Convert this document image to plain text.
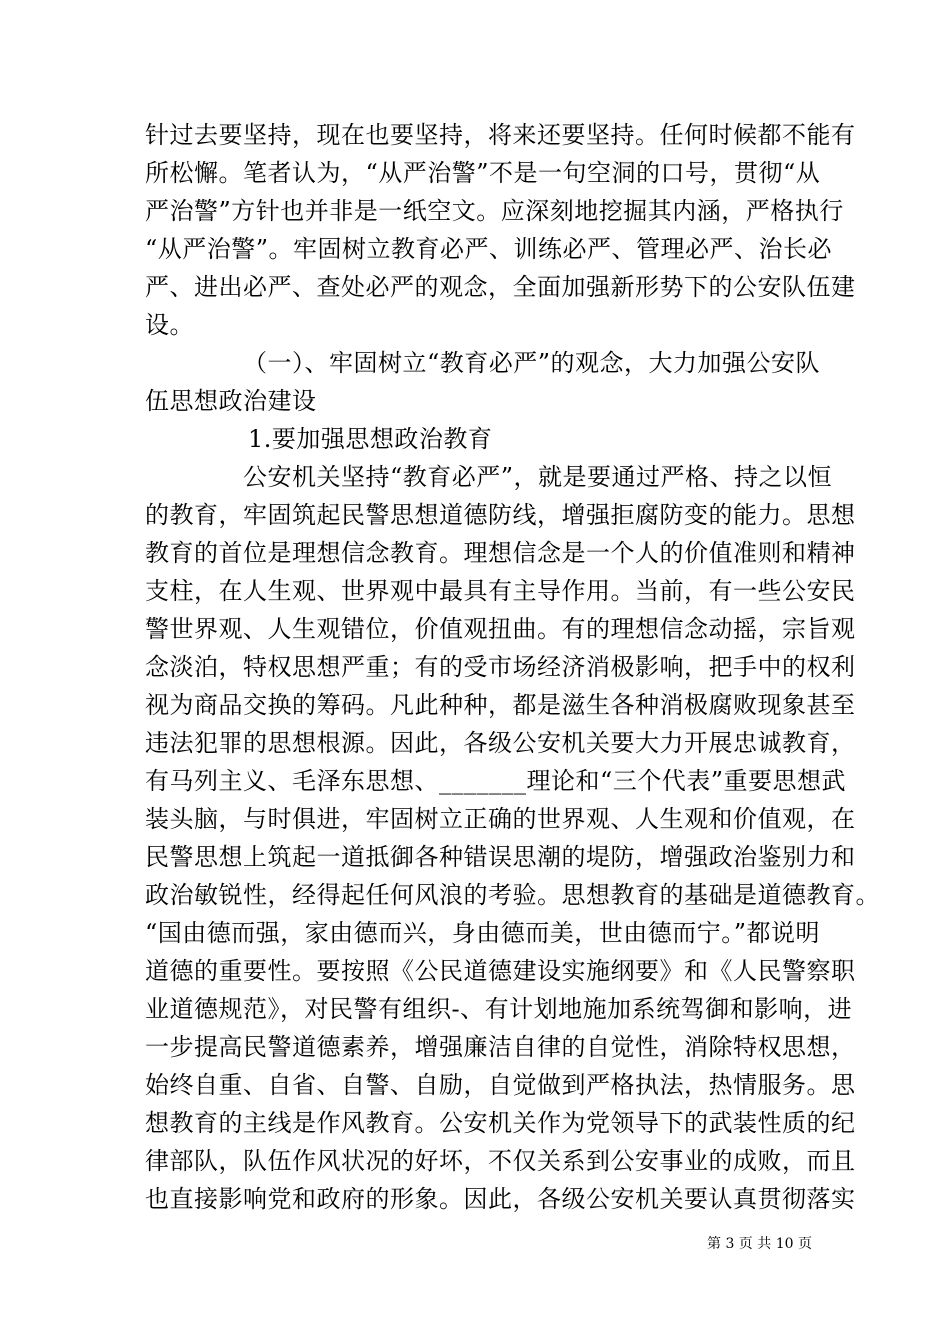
针过去要坚持，现在也要坚持，将来还要坚持。任何时候都不能有
所松懈。笔者认为，“从严治警”不是一句空洞的口号，贯彻“从
严治警”方针也并非是一纸空文。应深刻地挖掘其内涵，严格执行
“从严治警”。牢固树立教育必严、训练必严、管理必严、治长必
严、进出必严、查处必严的观念，全面加强新形势下的公安队伍建
设。
（一）、牢固树立“教育必严”的观念，大力加强公安队
伍思想政治建设
1.要加强思想政治教育
公安机关坚持“教育必严”，就是要通过严格、持之以恒
的教育，牢固筑起民警思想道德防线，增强拒腐防变的能力。思想
教育的首位是理想信念教育。理想信念是一个人的价值准则和精神
支柱，在人生观、世界观中最具有主导作用。当前，有一些公安民
警世界观、人生观错位，价值观扭曲。有的理想信念动摇，宗旨观
念淡泊，特权思想严重；有的受市场经济消极影响，把手中的权利
视为商品交换的筹码。凡此种种，都是滋生各种消极腐败现象甚至
违法犯罪的思想根源。因此，各级公安机关要大力开展忠诚教育，
有马列主义、毛泽东思想、_______理论和“三个代表”重要思想武
装头脑，与时俱进，牢固树立正确的世界观、人生观和价值观，在
民警思想上筑起一道抵御各种错误思潮的堤防，增强政治鉴别力和
政治敏锐性，经得起任何风浪的考验。思想教育的基础是道德教育。
“国由德而强，家由德而兴，身由德而美，世由德而宁。”都说明
道德的重要性。要按照《公民道德建设实施纲要》和《人民警察职
业道德规范》，对民警有组织-、有计划地施加系统驾御和影响，进
一步提高民警道德素养，增强廉洁自律的自觉性，消除特权思想，
始终自重、自省、自警、自励，自觉做到严格执法，热情服务。思
想教育的主线是作风教育。公安机关作为党领导下的武装性质的纪
律部队，队伍作风状况的好坏，不仅关系到公安事业的成败，而且
也直接影响党和政府的形象。因此，各级公安机关要认真贯彻落实
第 3 页 共 10 页
